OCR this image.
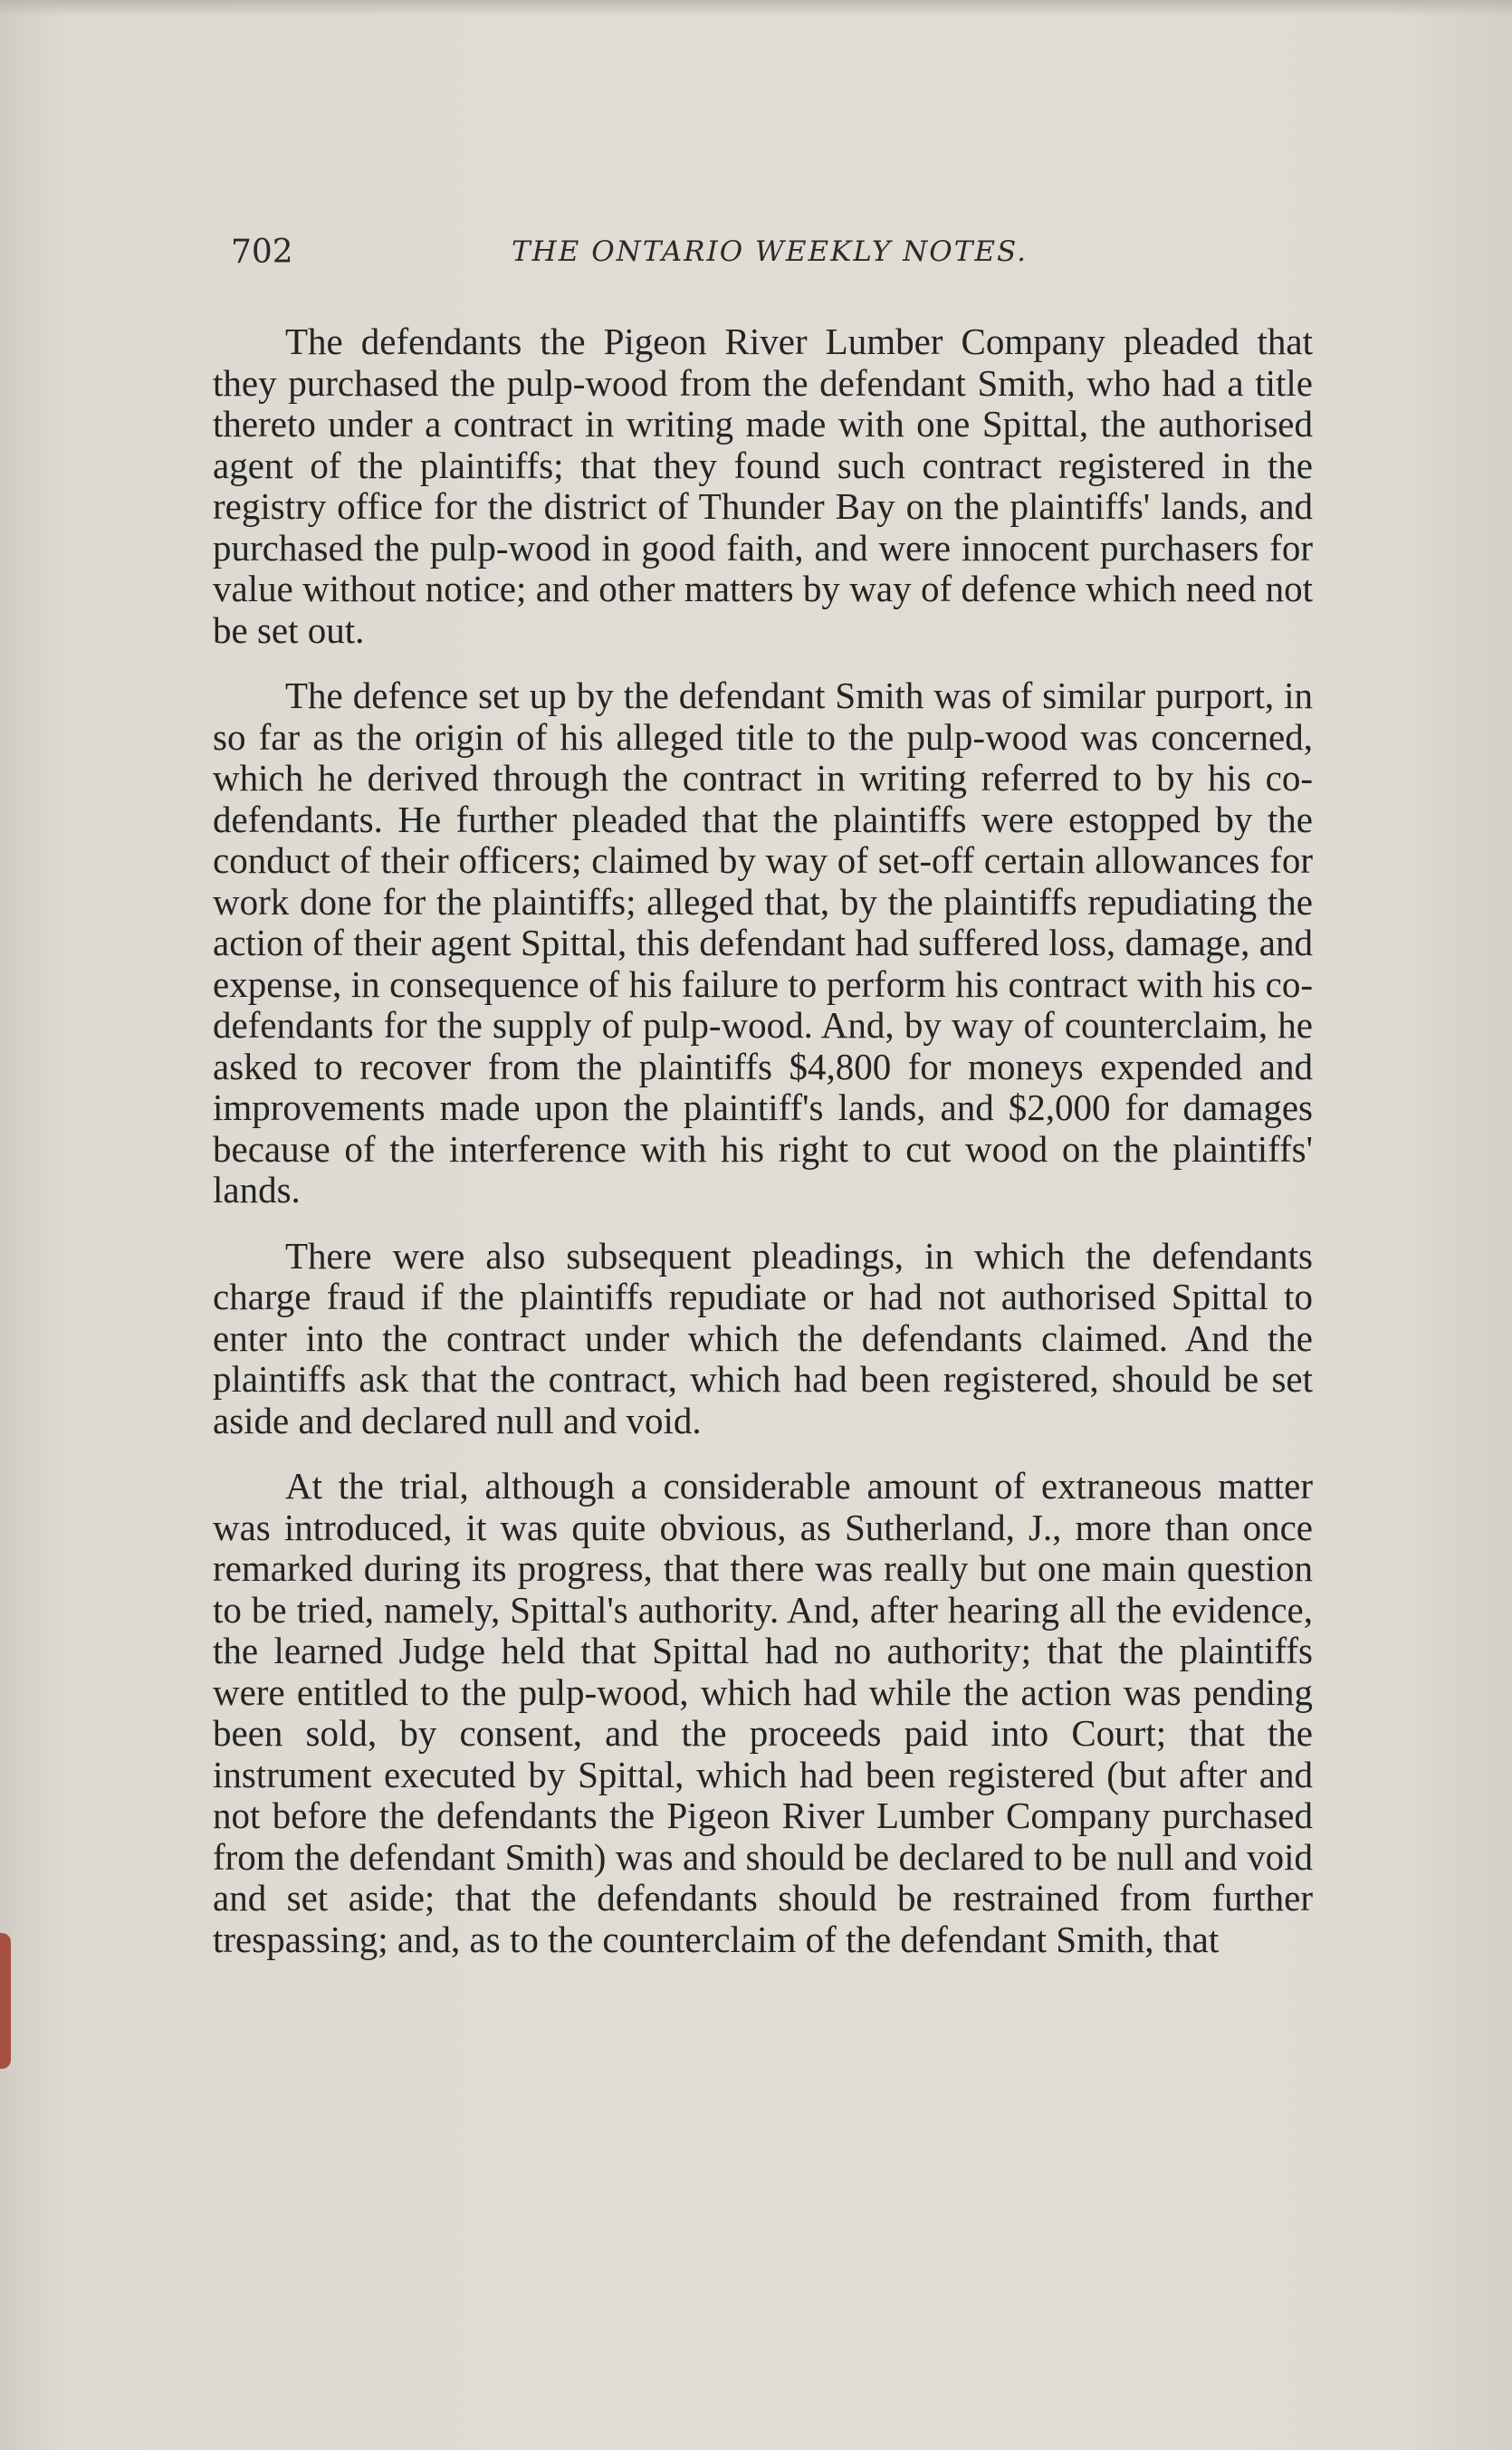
702	THE ONTARIO WEEKLY NOTES.

The defendants the Pigeon River Lumber Company pleaded that they purchased the pulp-wood from the defendant Smith, who had a title thereto under a contract in writing made with one Spittal, the authorised agent of the plaintiffs; that they found such contract registered in the registry office for the district of Thunder Bay on the plaintiffs' lands, and purchased the pulp-wood in good faith, and were innocent purchasers for value without notice; and other matters by way of defence which need not be set out.

The defence set up by the defendant Smith was of similar purport, in so far as the origin of his alleged title to the pulp-wood was concerned, which he derived through the contract in writing referred to by his co-defendants. He further pleaded that the plaintiffs were estopped by the conduct of their officers; claimed by way of set-off certain allowances for work done for the plaintiffs; alleged that, by the plaintiffs repudiating the action of their agent Spittal, this defendant had suffered loss, damage, and expense, in consequence of his failure to perform his contract with his co-defendants for the supply of pulp-wood. And, by way of counterclaim, he asked to recover from the plaintiffs $4,800 for moneys expended and improvements made upon the plaintiff's lands, and $2,000 for damages because of the interference with his right to cut wood on the plaintiffs' lands.

There were also subsequent pleadings, in which the defendants charge fraud if the plaintiffs repudiate or had not authorised Spittal to enter into the contract under which the defendants claimed. And the plaintiffs ask that the contract, which had been registered, should be set aside and declared null and void.

At the trial, although a considerable amount of extraneous matter was introduced, it was quite obvious, as Sutherland, J., more than once remarked during its progress, that there was really but one main question to be tried, namely, Spittal's authority. And, after hearing all the evidence, the learned Judge held that Spittal had no authority; that the plaintiffs were entitled to the pulp-wood, which had while the action was pending been sold, by consent, and the proceeds paid into Court; that the instrument executed by Spittal, which had been registered (but after and not before the defendants the Pigeon River Lumber Company purchased from the defendant Smith) was and should be declared to be null and void and set aside; that the defendants should be restrained from further trespassing; and, as to the counterclaim of the defendant Smith, that
